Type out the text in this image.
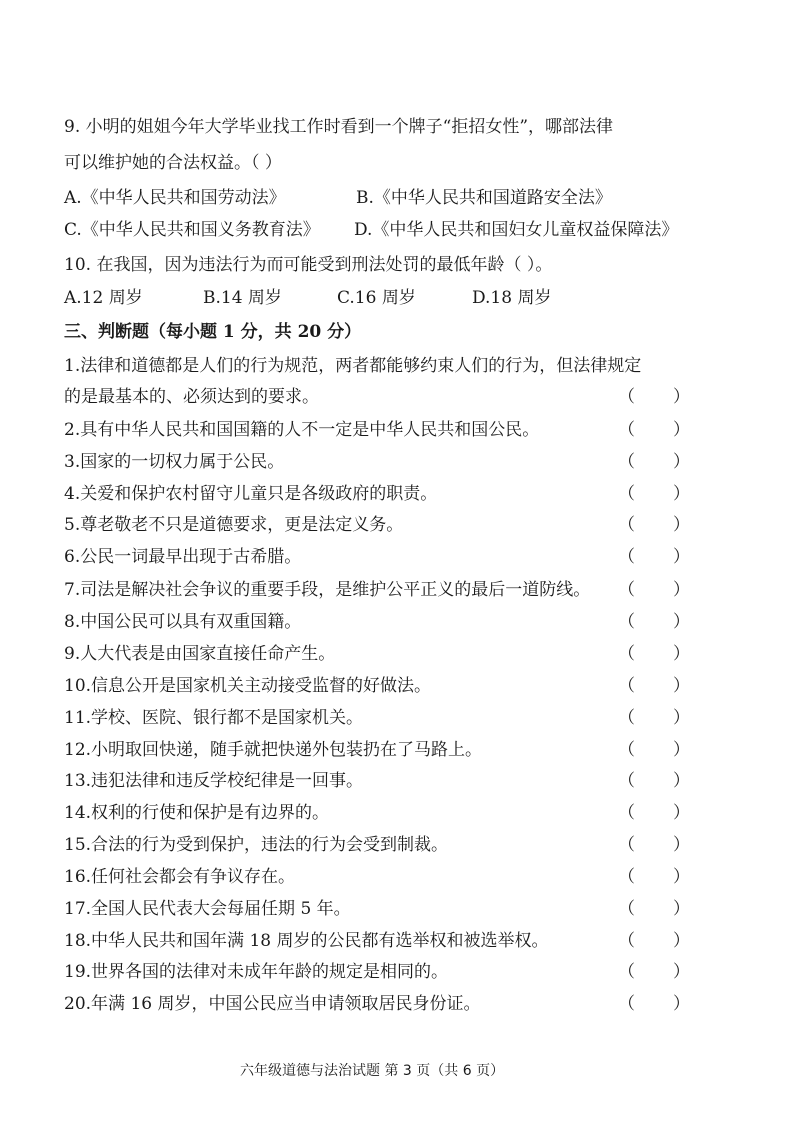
9. 小明的姐姐今年大学毕业找工作时看到一个牌子“拒招女性”，哪部法律
可以维护她的合法权益。（ ）
A.《中华人民共和国劳动法》	B.《中华人民共和国道路安全法》
C.《中华人民共和国义务教育法》 D.《中华人民共和国妇女儿童权益保障法》
10. 在我国，因为违法行为而可能受到刑法处罚的最低年龄（ ）。
A.12 周岁	B.14 周岁	C.16 周岁	D.18 周岁
三、判断题（每小题 1 分，共 20 分）
1.法律和道德都是人们的行为规范，两者都能够约束人们的行为，但法律规定
的是最基本的、必须达到的要求。	（ ）
2.具有中华人民共和国国籍的人不一定是中华人民共和国公民。	（ ）
3.国家的一切权力属于公民。	（ ）
4.关爱和保护农村留守儿童只是各级政府的职责。	（ ）
5.尊老敬老不只是道德要求，更是法定义务。	（ ）
6.公民一词最早出现于古希腊。	（ ）
7.司法是解决社会争议的重要手段，是维护公平正义的最后一道防线。 （ ）
8.中国公民可以具有双重国籍。	（ ）
9.人大代表是由国家直接任命产生。	（ ）
10.信息公开是国家机关主动接受监督的好做法。	（ ）
11.学校、医院、银行都不是国家机关。	（ ）
12.小明取回快递，随手就把快递外包装扔在了马路上。	（ ）
13.违犯法律和违反学校纪律是一回事。	（ ）
14.权利的行使和保护是有边界的。	（ ）
15.合法的行为受到保护，违法的行为会受到制裁。	（ ）
16.任何社会都会有争议存在。	（ ）
17.全国人民代表大会每届任期 5 年。	（ ）
18.中华人民共和国年满 18 周岁的公民都有选举权和被选举权。	（ ）
19.世界各国的法律对未成年年龄的规定是相同的。	（ ）
20.年满 16 周岁，中国公民应当申请领取居民身份证。	（ ）
六年级道德与法治试题 第 3 页（共 6 页）
